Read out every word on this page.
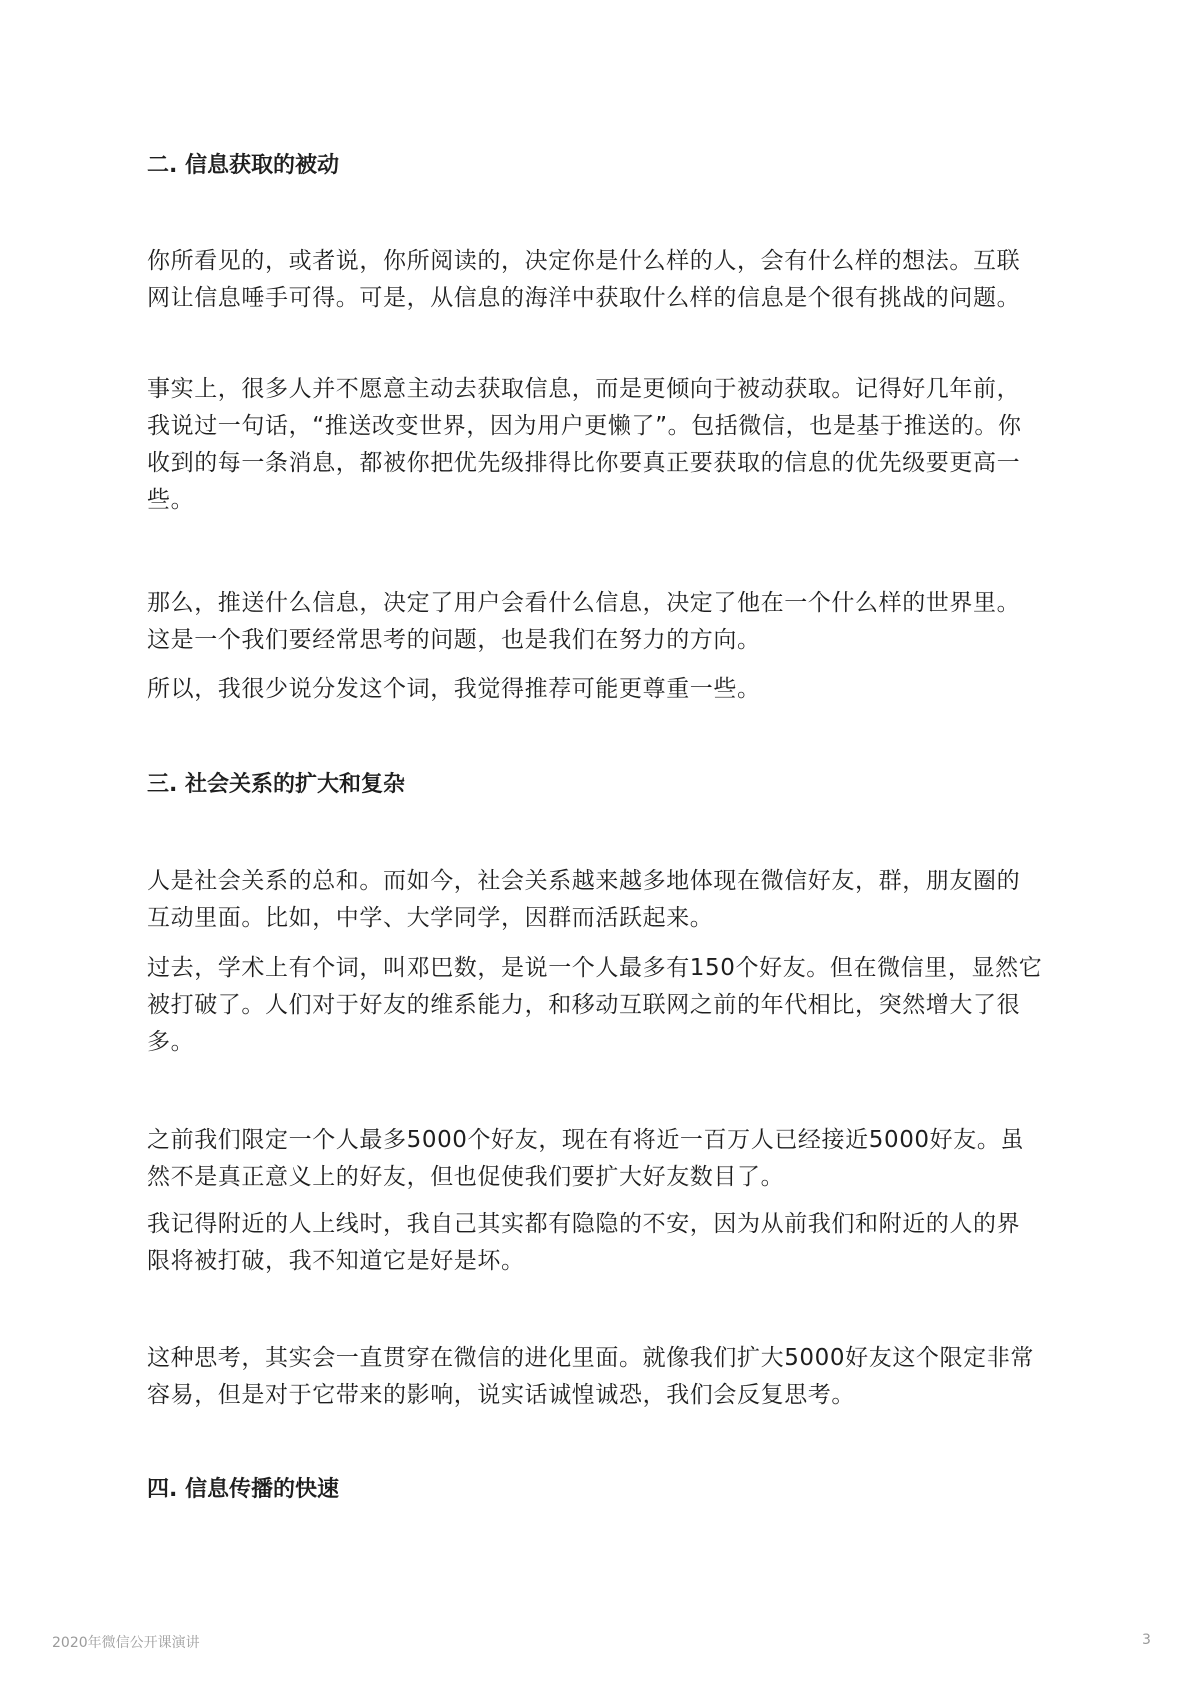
二. 信息获取的被动
你所看见的，或者说，你所阅读的，决定你是什么样的人，会有什么样的想法。互联
网让信息唾手可得。可是，从信息的海洋中获取什么样的信息是个很有挑战的问题。
事实上，很多人并不愿意主动去获取信息，而是更倾向于被动获取。记得好几年前，
我说过一句话，“推送改变世界，因为用户更懒了”。包括微信，也是基于推送的。你
收到的每一条消息，都被你把优先级排得比你要真正要获取的信息的优先级要更高一
些。
那么，推送什么信息，决定了用户会看什么信息，决定了他在一个什么样的世界里。
这是一个我们要经常思考的问题，也是我们在努力的方向。
所以，我很少说分发这个词，我觉得推荐可能更尊重一些。
三. 社会关系的扩大和复杂
人是社会关系的总和。而如今，社会关系越来越多地体现在微信好友，群，朋友圈的
互动里面。比如，中学、大学同学，因群而活跃起来。
过去，学术上有个词，叫邓巴数，是说一个人最多有150个好友。但在微信里，显然它
被打破了。人们对于好友的维系能力，和移动互联网之前的年代相比，突然增大了很
多。
之前我们限定一个人最多5000个好友，现在有将近一百万人已经接近5000好友。虽
然不是真正意义上的好友，但也促使我们要扩大好友数目了。
我记得附近的人上线时，我自己其实都有隐隐的不安，因为从前我们和附近的人的界
限将被打破，我不知道它是好是坏。
这种思考，其实会一直贯穿在微信的进化里面。就像我们扩大5000好友这个限定非常
容易，但是对于它带来的影响，说实话诚惶诚恐，我们会反复思考。
四. 信息传播的快速
2020年微信公开课演讲	3
